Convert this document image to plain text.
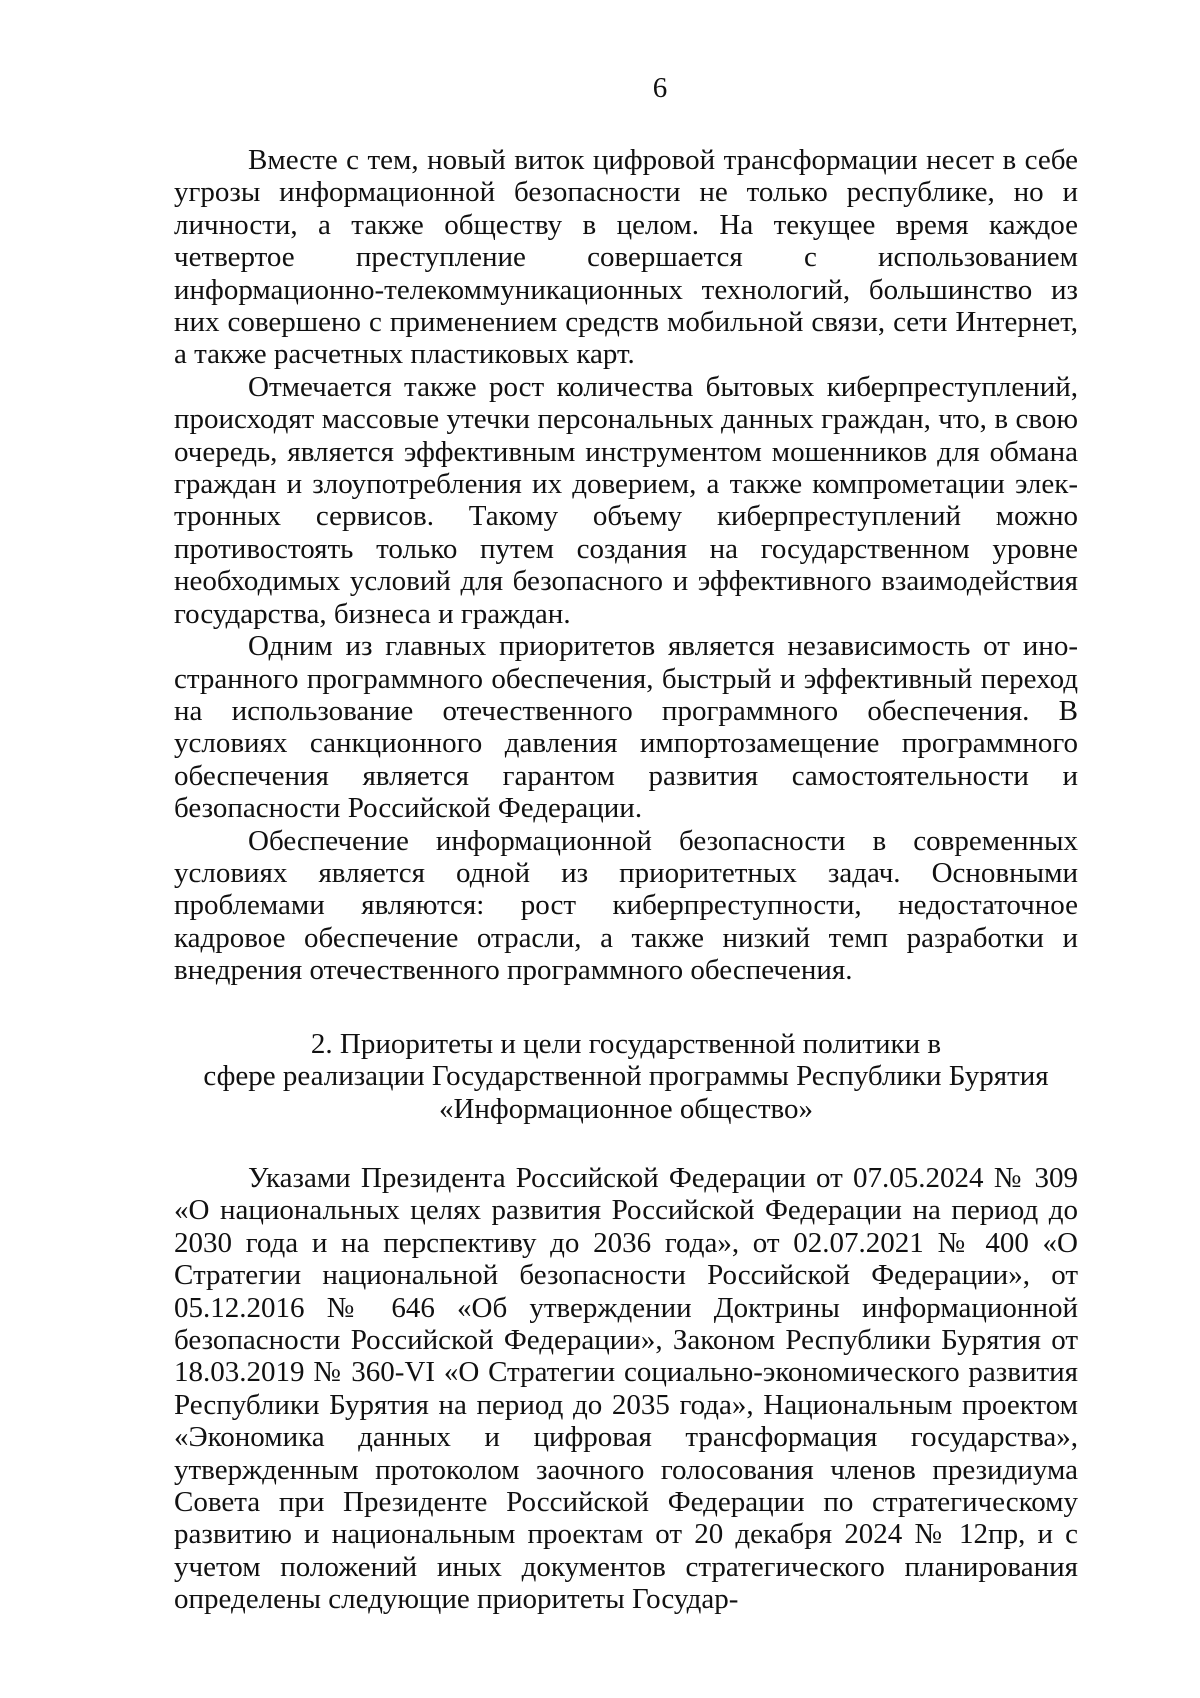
6

Вместе с тем, новый виток цифровой трансформации несет в себе угрозы информационной безопасности не только республике, но и личности, а также обществу в целом. На текущее время каждое четвертое преступление совершается с использованием информационно-телекоммуникационных технологий, большинство из них совершено с применением средств мобильной связи, сети Интернет, а также расчетных пластиковых карт.

Отмечается также рост количества бытовых киберпреступлений, происходят массовые утечки персональных данных граждан, что, в свою очередь, является эффективным инструментом мошенников для обмана граждан и злоупотребления их доверием, а также компрометации электронных сервисов. Такому объему киберпреступлений можно противостоять только путем создания на государственном уровне необходимых условий для безопасного и эффективного взаимодействия государства, бизнеса и граждан.

Одним из главных приоритетов является независимость от иностранного программного обеспечения, быстрый и эффективный переход на использование отечественного программного обеспечения. В условиях санкционного давления импортозамещение программного обеспечения является гарантом развития самостоятельности и безопасности Российской Федерации.

Обеспечение информационной безопасности в современных условиях является одной из приоритетных задач. Основными проблемами являются: рост киберпреступности, недостаточное кадровое обеспечение отрасли, а также низкий темп разработки и внедрения отечественного программного обеспечения.

2. Приоритеты и цели государственной политики в
сфере реализации Государственной программы Республики Бурятия
«Информационное общество»

Указами Президента Российской Федерации от 07.05.2024 № 309 «О национальных целях развития Российской Федерации на период до 2030 года и на перспективу до 2036 года», от 02.07.2021 № 400 «О Стратегии национальной безопасности Российской Федерации», от 05.12.2016 № 646 «Об утверждении Доктрины информационной безопасности Российской Федерации», Законом Республики Бурятия от 18.03.2019 № 360-VI «О Стратегии социально-экономического развития Республики Бурятия на период до 2035 года», Национальным проектом «Экономика данных и цифровая трансформация государства», утвержденным протоколом заочного голосования членов президиума Совета при Президенте Российской Федерации по стратегическому развитию и национальным проектам от 20 декабря 2024 № 12пр, и с учетом положений иных документов стратегического планирования определены следующие приоритеты Государ-
